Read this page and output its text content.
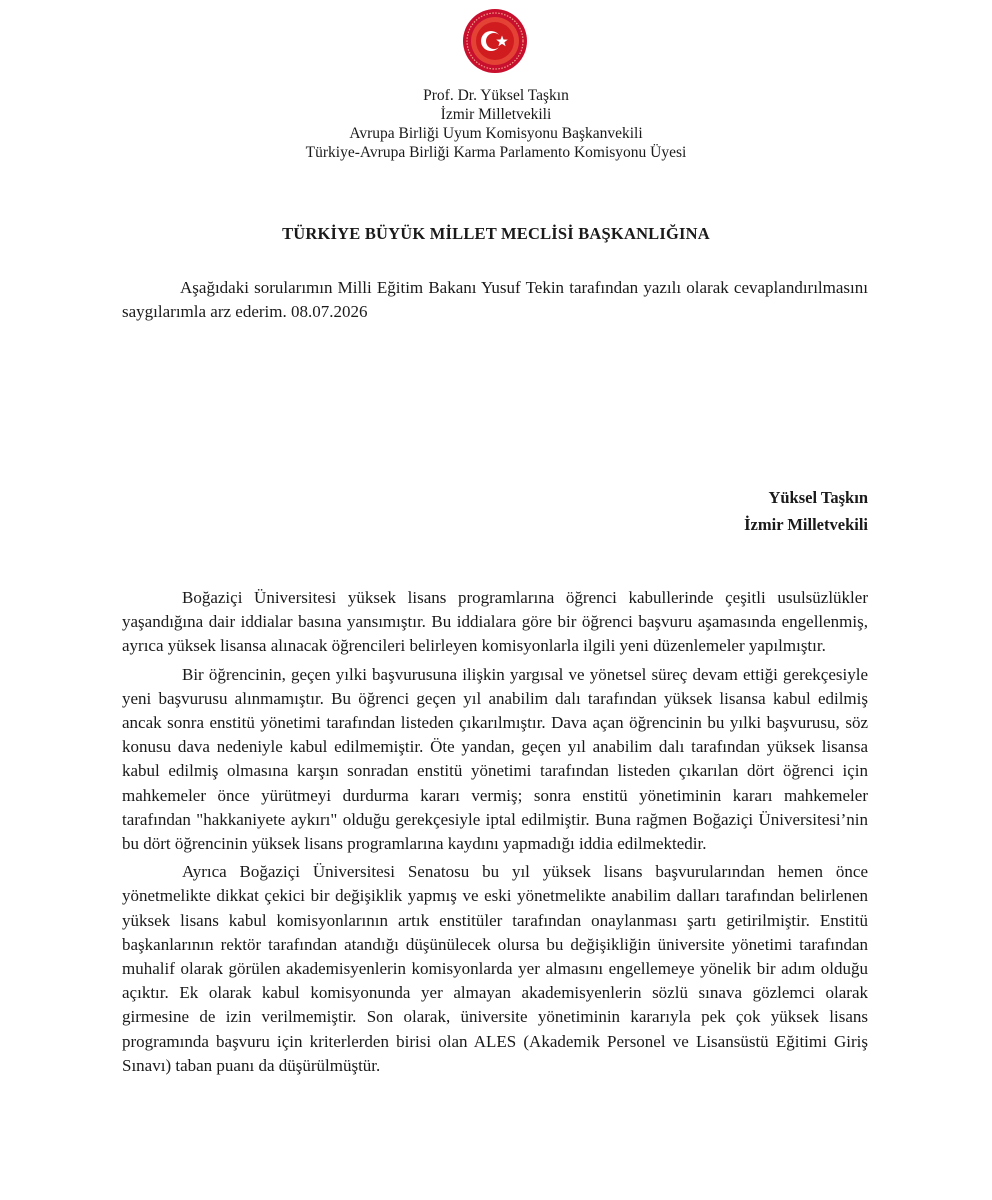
Prof. Dr. Yüksel Taşkın
İzmir Milletvekili
Avrupa Birliği Uyum Komisyonu Başkanvekili
Türkiye-Avrupa Birliği Karma Parlamento Komisyonu Üyesi
TÜRKİYE BÜYÜK MİLLET MECLİSİ BAŞKANLIĞINA
Aşağıdaki sorularımın Milli Eğitim Bakanı Yusuf Tekin tarafından yazılı olarak cevaplandırılmasını saygılarımla arz ederim. 08.07.2026
Yüksel Taşkın
İzmir Milletvekili

Boğaziçi Üniversitesi yüksek lisans programlarına öğrenci kabullerinde çeşitli usulsüzlükler yaşandığına dair iddialar basına yansımıştır. Bu iddialara göre bir öğrenci başvuru aşamasında engellenmiş, ayrıca yüksek lisansa alınacak öğrencileri belirleyen komisyonlarla ilgili yeni düzenlemeler yapılmıştır.

Bir öğrencinin, geçen yılki başvurusuna ilişkin yargısal ve yönetsel süreç devam ettiği gerekçesiyle yeni başvurusu alınmamıştır. Bu öğrenci geçen yıl anabilim dalı tarafından yüksek lisansa kabul edilmiş ancak sonra enstitü yönetimi tarafından listeden çıkarılmıştır. Dava açan öğrencinin bu yılki başvurusu, söz konusu dava nedeniyle kabul edilmemiştir. Öte yandan, geçen yıl anabilim dalı tarafından yüksek lisansa kabul edilmiş olmasına karşın sonradan enstitü yönetimi tarafından listeden çıkarılan dört öğrenci için mahkemeler önce yürütmeyi durdurma kararı vermiş; sonra enstitü yönetiminin kararı mahkemeler tarafından "hakkaniyete aykırı" olduğu gerekçesiyle iptal edilmiştir. Buna rağmen Boğaziçi Üniversitesi’nin bu dört öğrencinin yüksek lisans programlarına kaydını yapmadığı iddia edilmektedir.

Ayrıca Boğaziçi Üniversitesi Senatosu bu yıl yüksek lisans başvurularından hemen önce yönetmelikte dikkat çekici bir değişiklik yapmış ve eski yönetmelikte anabilim dalları tarafından belirlenen yüksek lisans kabul komisyonlarının artık enstitüler tarafından onaylanması şartı getirilmiştir. Enstitü başkanlarının rektör tarafından atandığı düşünülecek olursa bu değişikliğin üniversite yönetimi tarafından muhalif olarak görülen akademisyenlerin komisyonlarda yer almasını engellemeye yönelik bir adım olduğu açıktır. Ek olarak kabul komisyonunda yer almayan akademisyenlerin sözlü sınava gözlemci olarak girmesine de izin verilmemiştir. Son olarak, üniversite yönetiminin kararıyla pek çok yüksek lisans programında başvuru için kriterlerden birisi olan ALES (Akademik Personel ve Lisansüstü Eğitimi Giriş Sınavı) taban puanı da düşürülmüştür.
